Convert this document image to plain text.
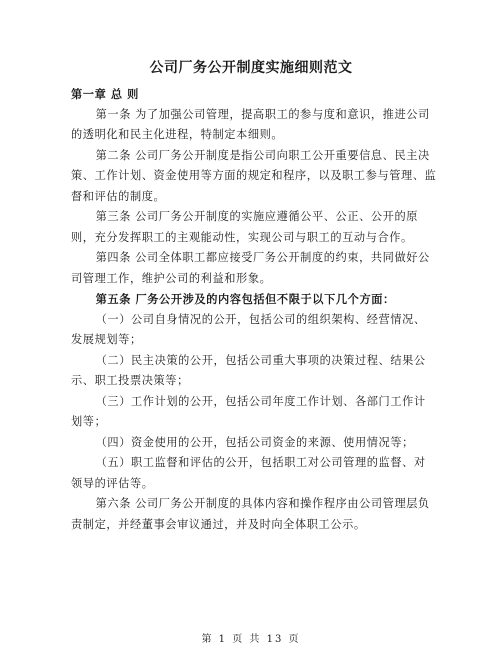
公司厂务公开制度实施细则范文

第一章 总 则

第一条 为了加强公司管理，提高职工的参与度和意识，推进公司的透明化和民主化进程，特制定本细则。

第二条 公司厂务公开制度是指公司向职工公开重要信息、民主决策、工作计划、资金使用等方面的规定和程序，以及职工参与管理、监督和评估的制度。

第三条 公司厂务公开制度的实施应遵循公平、公正、公开的原则，充分发挥职工的主观能动性，实现公司与职工的互动与合作。

第四条 公司全体职工都应接受厂务公开制度的约束，共同做好公司管理工作，维护公司的利益和形象。

第五条 厂务公开涉及的内容包括但不限于以下几个方面：

（一）公司自身情况的公开，包括公司的组织架构、经营情况、发展规划等；

（二）民主决策的公开，包括公司重大事项的决策过程、结果公示、职工投票决策等；

（三）工作计划的公开，包括公司年度工作计划、各部门工作计划等；

（四）资金使用的公开，包括公司资金的来源、使用情况等；

（五）职工监督和评估的公开，包括职工对公司管理的监督、对领导的评估等。

第六条 公司厂务公开制度的具体内容和操作程序由公司管理层负责制定，并经董事会审议通过，并及时向全体职工公示。

第 1 页 共 13 页
